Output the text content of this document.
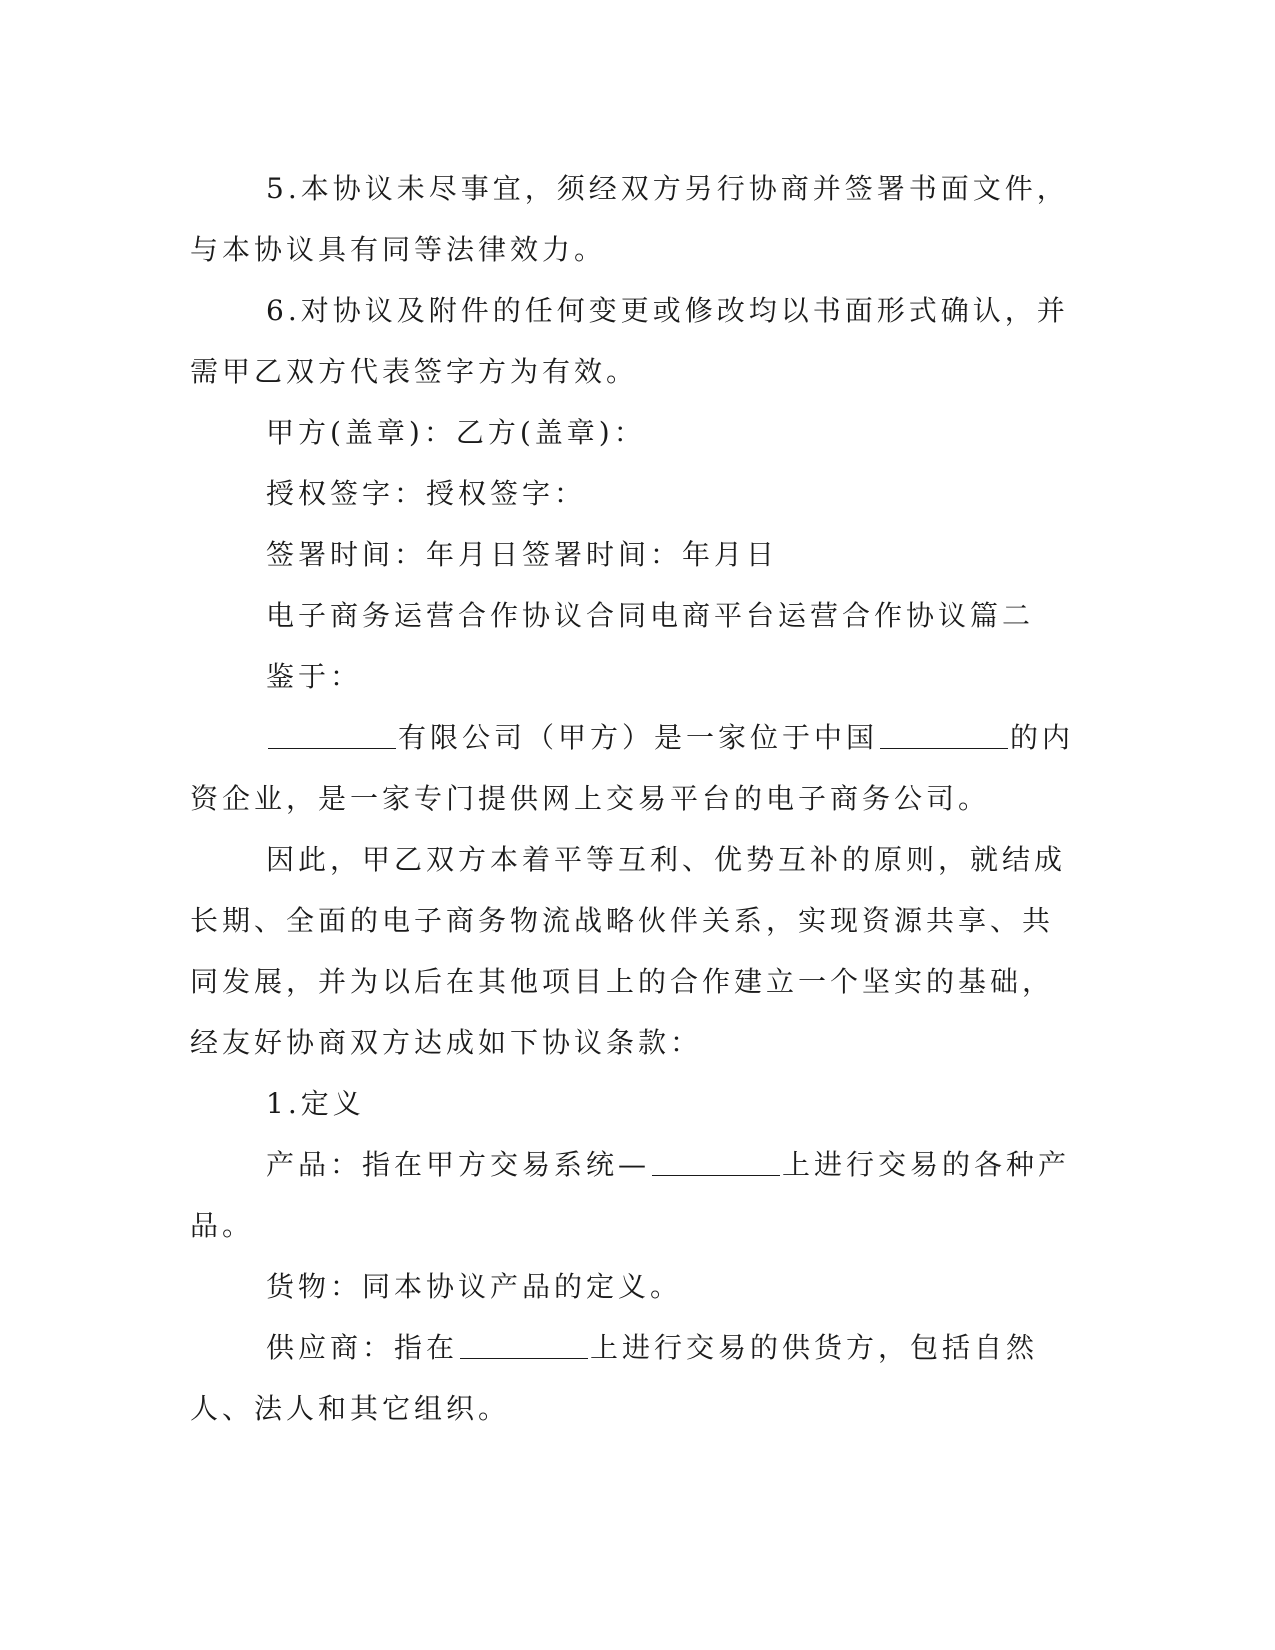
5.本协议未尽事宜，须经双方另行协商并签署书面文件，与本协议具有同等法律效力。

6.对协议及附件的任何变更或修改均以书面形式确认，并需甲乙双方代表签字方为有效。

甲方(盖章)：乙方(盖章)：

授权签字：授权签字：

签署时间：年月日签署时间：年月日

电子商务运营合作协议合同电商平台运营合作协议篇二

鉴于：

有限公司（甲方）是一家位于中国	的内资企业，是一家专门提供网上交易平台的电子商务公司。

因此，甲乙双方本着平等互利、优势互补的原则，就结成长期、全面的电子商务物流战略伙伴关系，实现资源共享、共同发展，并为以后在其他项目上的合作建立一个坚实的基础，经友好协商双方达成如下协议条款：

1.定义

产品：指在甲方交易系统—	上进行交易的各种产品。

货物：同本协议产品的定义。

供应商：指在	上进行交易的供货方，包括自然人、法人和其它组织。
